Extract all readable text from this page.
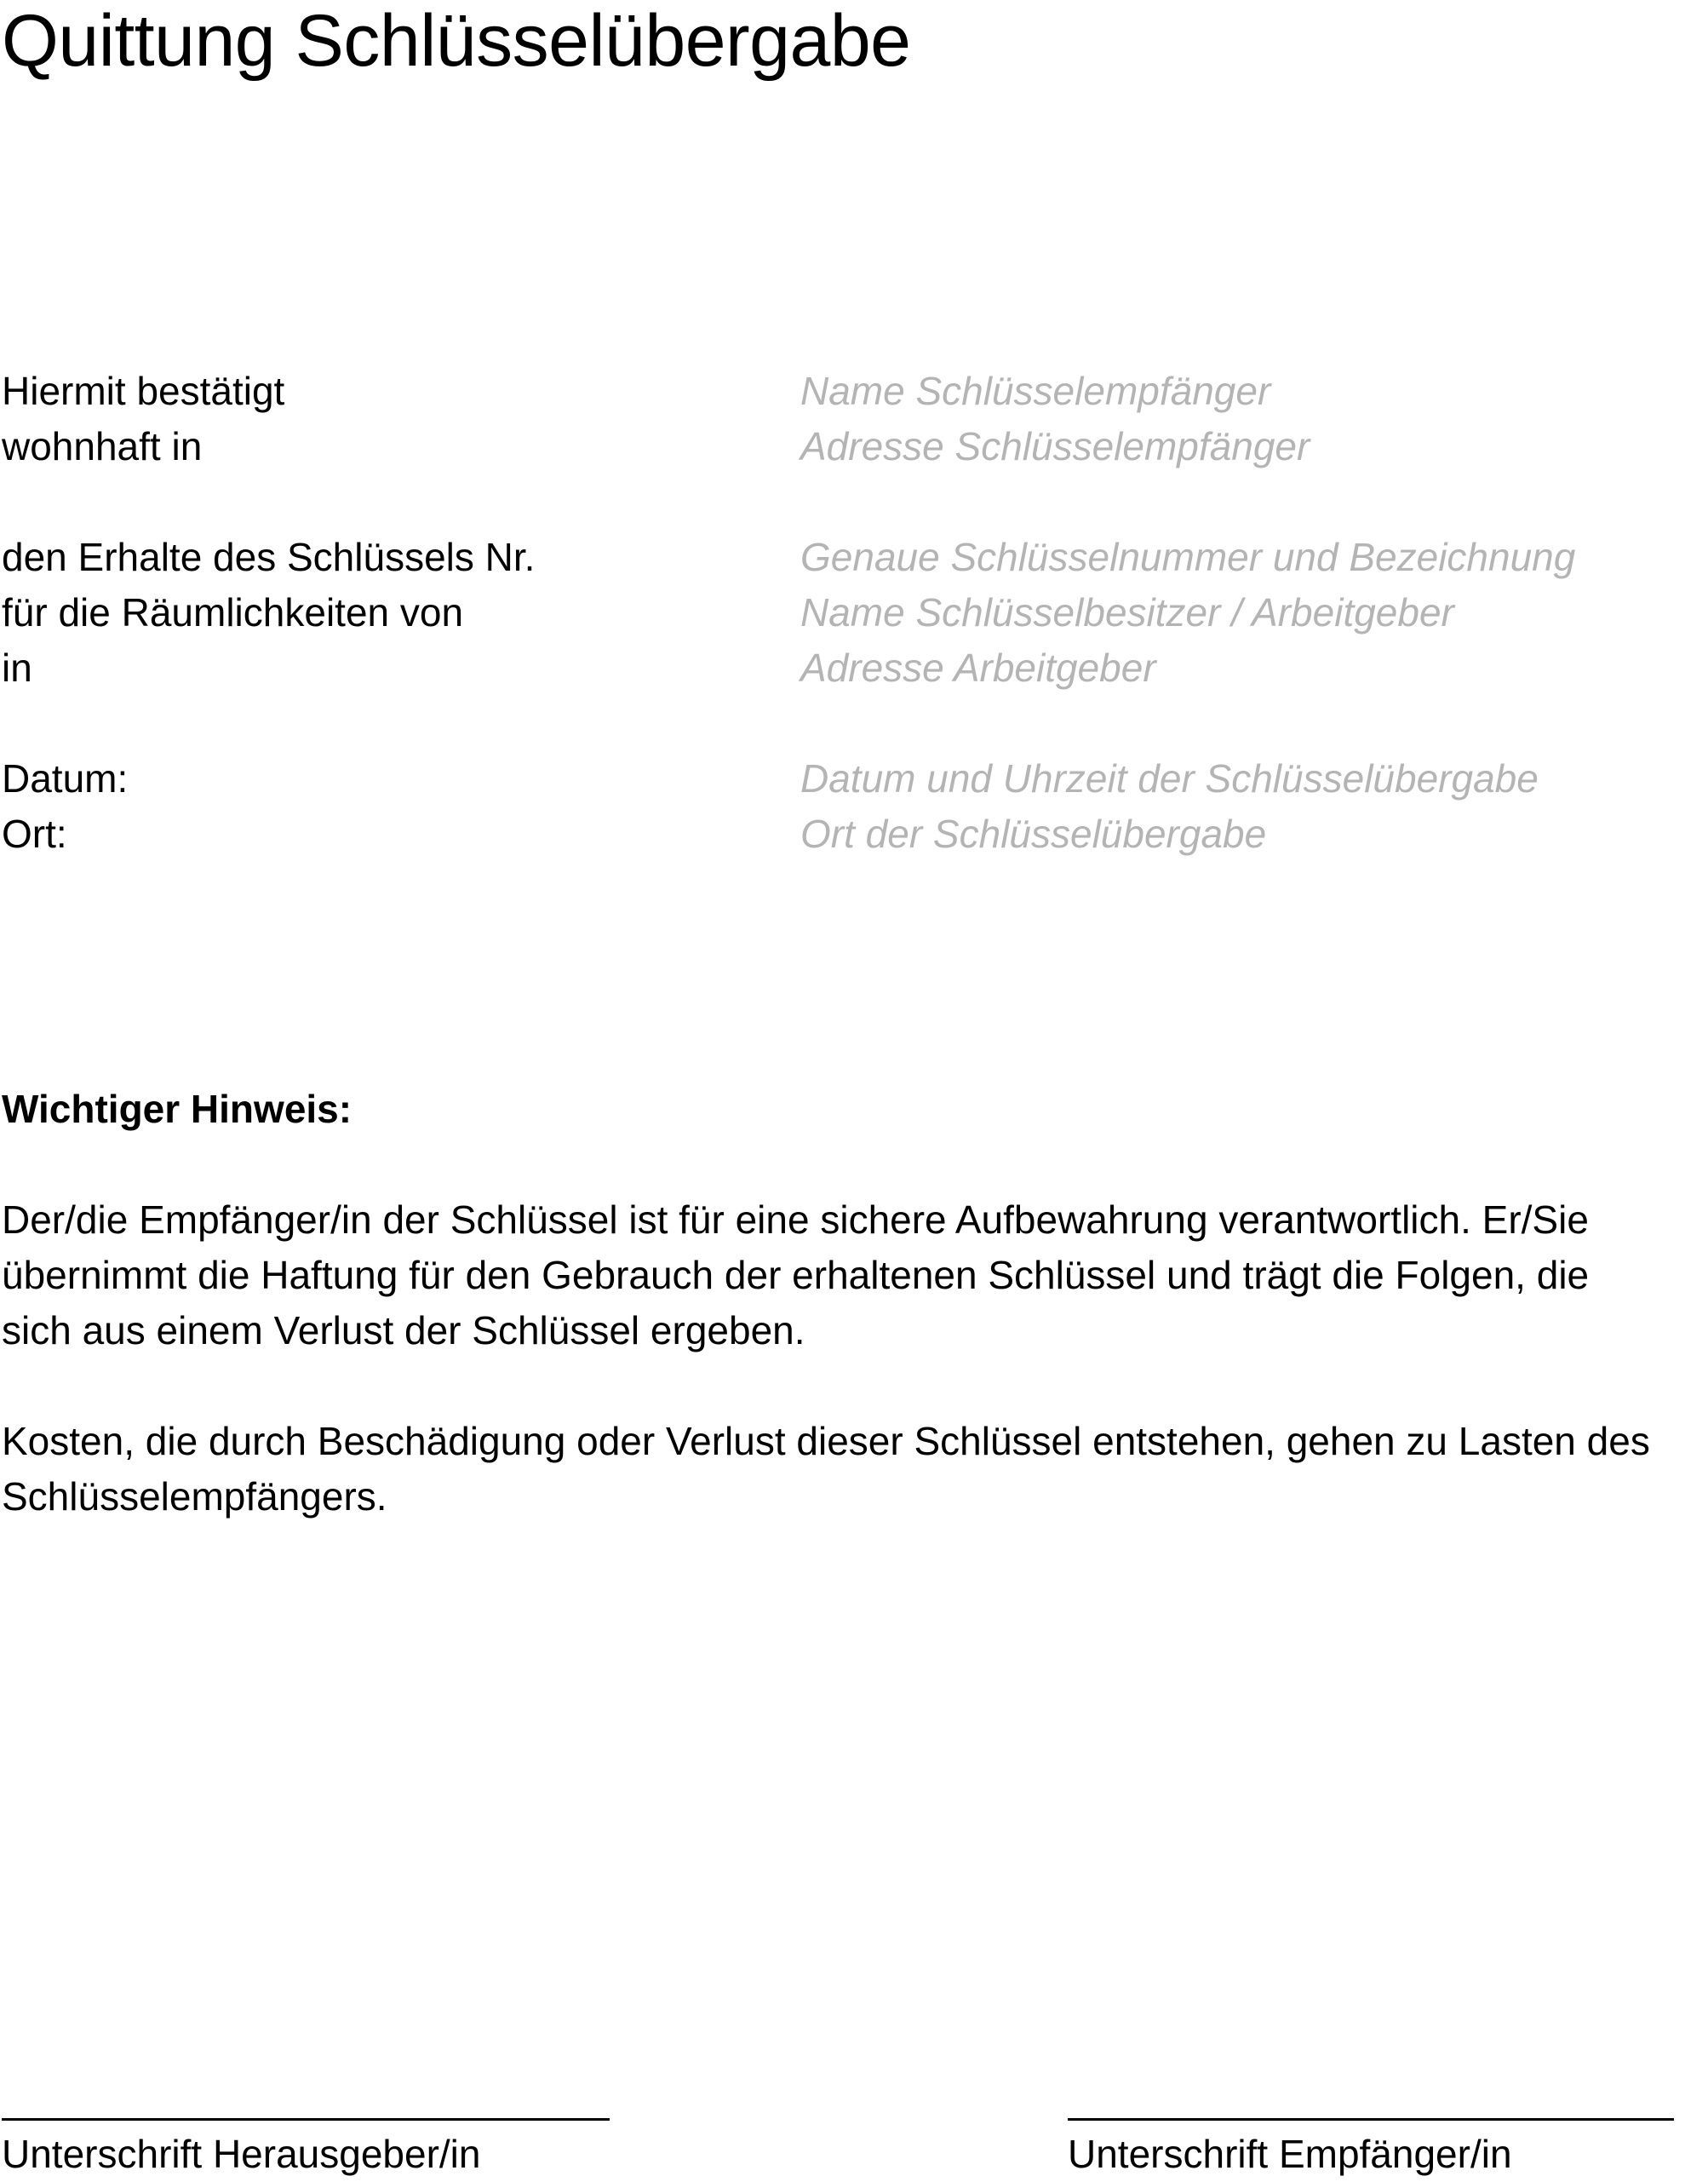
Quittung Schlüsselübergabe
Hiermit bestätigt	Name Schlüsselempfänger
wohnhaft in	Adresse Schlüsselempfänger
den Erhalte des Schlüssels Nr.	Genaue Schlüsselnummer und Bezeichnung
für die Räumlichkeiten von	Name Schlüsselbesitzer / Arbeitgeber
in	Adresse Arbeitgeber
Datum:	Datum und Uhrzeit der Schlüsselübergabe
Ort:	Ort der Schlüsselübergabe
Wichtiger Hinweis:
Der/die Empfänger/in der Schlüssel ist für eine sichere Aufbewahrung verantwortlich. Er/Sie
übernimmt die Haftung für den Gebrauch der erhaltenen Schlüssel und trägt die Folgen, die
sich aus einem Verlust der Schlüssel ergeben.
Kosten, die durch Beschädigung oder Verlust dieser Schlüssel entstehen, gehen zu Lasten des
Schlüsselempfängers.
Unterschrift Herausgeber/in	Unterschrift Empfänger/in
